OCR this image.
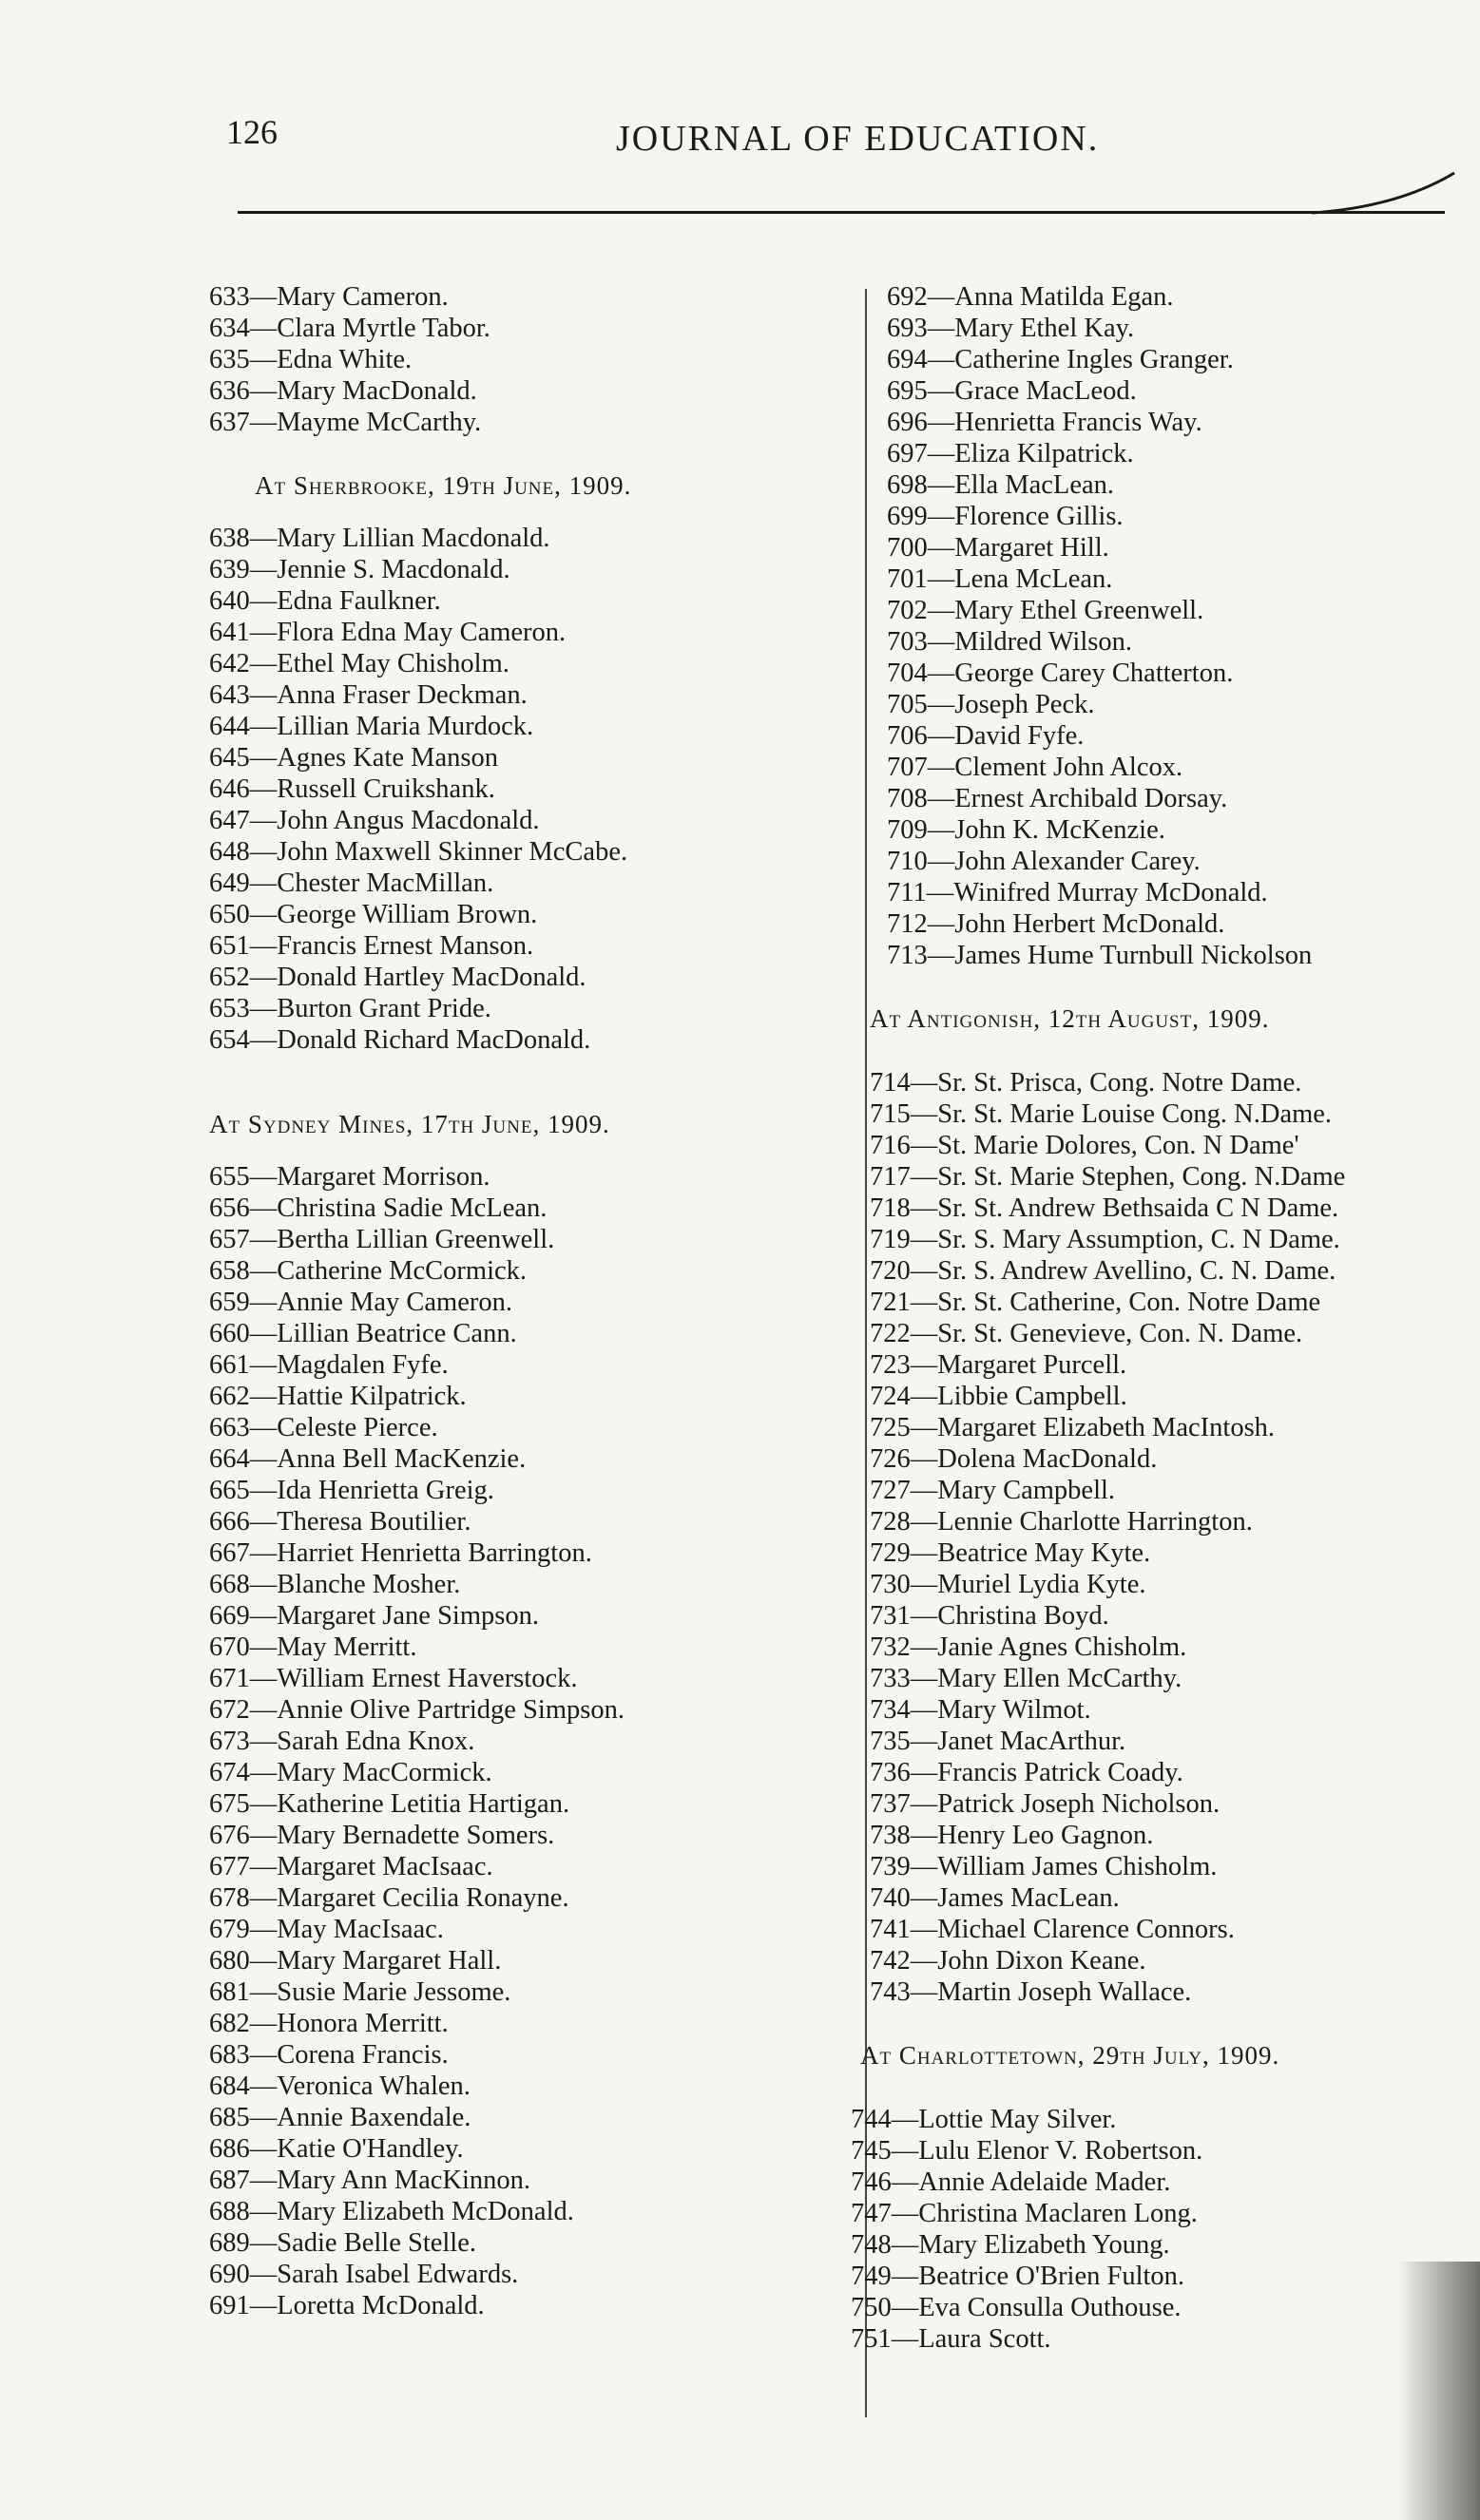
126	JOURNAL OF EDUCATION.
633—Mary Cameron.
634—Clara Myrtle Tabor.
635—Edna White.
636—Mary MacDonald.
637—Mayme McCarthy.
At Sherbrooke, 19th June, 1909.
638—Mary Lillian Macdonald.
639—Jennie S. Macdonald.
640—Edna Faulkner.
641—Flora Edna May Cameron.
642—Ethel May Chisholm.
643—Anna Fraser Deckman.
644—Lillian Maria Murdock.
645—Agnes Kate Manson
646—Russell Cruikshank.
647—John Angus Macdonald.
648—John Maxwell Skinner McCabe.
649—Chester MacMillan.
650—George William Brown.
651—Francis Ernest Manson.
652—Donald Hartley MacDonald.
653—Burton Grant Pride.
654—Donald Richard MacDonald.
At Sydney Mines, 17th June, 1909.
655—Margaret Morrison.
656—Christina Sadie McLean.
657—Bertha Lillian Greenwell.
658—Catherine McCormick.
659—Annie May Cameron.
660—Lillian Beatrice Cann.
661—Magdalen Fyfe.
662—Hattie Kilpatrick.
663—Celeste Pierce.
664—Anna Bell MacKenzie.
665—Ida Henrietta Greig.
666—Theresa Boutilier.
667—Harriet Henrietta Barrington.
668—Blanche Mosher.
669—Margaret Jane Simpson.
670—May Merritt.
671—William Ernest Haverstock.
672—Annie Olive Partridge Simpson.
673—Sarah Edna Knox.
674—Mary MacCormick.
675—Katherine Letitia Hartigan.
676—Mary Bernadette Somers.
677—Margaret MacIsaac.
678—Margaret Cecilia Ronayne.
679—May MacIsaac.
680—Mary Margaret Hall.
681—Susie Marie Jessome.
682—Honora Merritt.
683—Corena Francis.
684—Veronica Whalen.
685—Annie Baxendale.
686—Katie O'Handley.
687—Mary Ann MacKinnon.
688—Mary Elizabeth McDonald.
689—Sadie Belle Stelle.
690—Sarah Isabel Edwards.
691—Loretta McDonald.
692—Anna Matilda Egan.
693—Mary Ethel Kay.
694—Catherine Ingles Granger.
695—Grace MacLeod.
696—Henrietta Francis Way.
697—Eliza Kilpatrick.
698—Ella MacLean.
699—Florence Gillis.
700—Margaret Hill.
701—Lena McLean.
702—Mary Ethel Greenwell.
703—Mildred Wilson.
704—George Carey Chatterton.
705—Joseph Peck.
706—David Fyfe.
707—Clement John Alcox.
708—Ernest Archibald Dorsay.
709—John K. McKenzie.
710—John Alexander Carey.
711—Winifred Murray McDonald.
712—John Herbert McDonald.
713—James Hume Turnbull Nickolson
At Antigonish, 12th August, 1909.
714—Sr. St. Prisca, Cong. Notre Dame.
715—Sr. St. Marie Louise Cong. N.Dame.
716—St. Marie Dolores, Con. N Dame'
717—Sr. St. Marie Stephen, Cong. N.Dame
718—Sr. St. Andrew Bethsaida C N Dame.
719—Sr. S. Mary Assumption, C. N Dame.
720—Sr. S. Andrew Avellino, C. N. Dame.
721—Sr. St. Catherine, Con. Notre Dame
722—Sr. St. Genevieve, Con. N. Dame.
723—Margaret Purcell.
724—Libbie Campbell.
725—Margaret Elizabeth MacIntosh.
726—Dolena MacDonald.
727—Mary Campbell.
728—Lennie Charlotte Harrington.
729—Beatrice May Kyte.
730—Muriel Lydia Kyte.
731—Christina Boyd.
732—Janie Agnes Chisholm.
733—Mary Ellen McCarthy.
734—Mary Wilmot.
735—Janet MacArthur.
736—Francis Patrick Coady.
737—Patrick Joseph Nicholson.
738—Henry Leo Gagnon.
739—William James Chisholm.
740—James MacLean.
741—Michael Clarence Connors.
742—John Dixon Keane.
743—Martin Joseph Wallace.
At Charlottetown, 29th July, 1909.
744—Lottie May Silver.
745—Lulu Elenor V. Robertson.
746—Annie Adelaide Mader.
747—Christina Maclaren Long.
748—Mary Elizabeth Young.
749—Beatrice O'Brien Fulton.
750—Eva Consulla Outhouse.
751—Laura Scott.
